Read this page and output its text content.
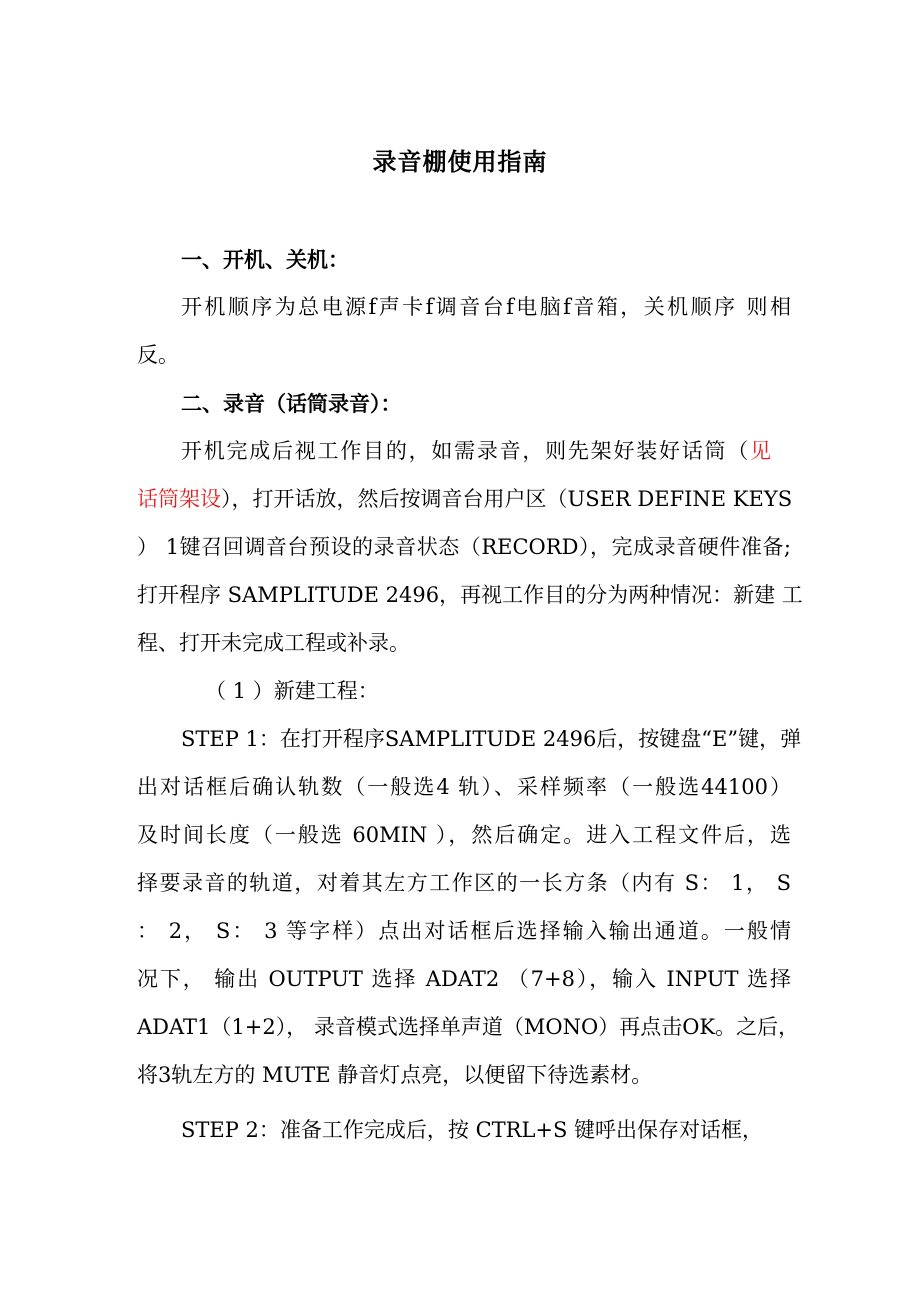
录音棚使用指南
一、开机、关机：
开机顺序为总电源f声卡f调音台f电脑f音箱，关机顺序 则相
反。
二、录音（话筒录音）：
开机完成后视工作目的，如需录音，则先架好装好话筒（见
话筒架设），打开话放，然后按调音台用户区（USER DEFINE KEYS
） 1键召回调音台预设的录音状态（RECORD），完成录音硬件准备;
打开程序 SAMPLITUDE 2496，再视工作目的分为两种情况：新建 工
程、打开未完成工程或补录。
（ 1 ）新建工程：
STEP 1：在打开程序SAMPLITUDE 2496后，按键盘“E”键，弹
出对话框后确认轨数（一般选4 轨）、采样频率（一般选44100）
及时间长度（一般选 60MIN ），然后确定。进入工程文件后，选
择要录音的轨道，对着其左方工作区的一长方条（内有 S： 1， S
： 2， S： 3 等字样）点出对话框后选择输入输出通道。一般情
况下， 输出 OUTPUT 选择 ADAT2 （7+8），输入 INPUT 选择
ADAT1（1+2）， 录音模式选择单声道（MONO）再点击OK。之后，
将3轨左方的 MUTE 静音灯点亮，以便留下待选素材。
STEP 2：准备工作完成后，按 CTRL+S 键呼出保存对话框，
